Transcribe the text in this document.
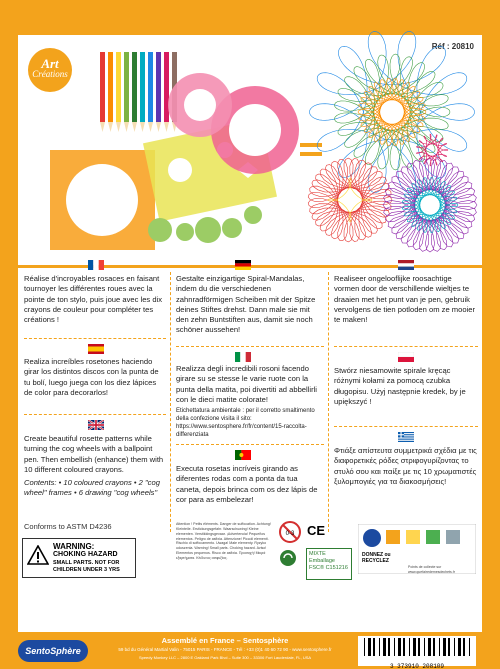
Art
Créations
Réf : 20810

Réalise d'incroyables rosaces en faisant tournoyer les différentes roues avec la pointe de ton stylo, puis joue avec les dix crayons de couleur pour compléter tes créations !

Realiza increíbles rosetones haciendo girar los distintos discos con la punta de tu bolí, luego juega con los diez lápices de color para decorarlos!

Create beautiful rosette patterns while turning the cog wheels with a ballpoint pen. Then embellish (enhance) them with 10 different coloured crayons.

Contents: • 10 coloured crayons • 2 "cog wheel" frames • 6 drawing "cog wheels"

Gestalte einzigartige Spiral-Mandalas, indem du die verschiedenen zahnradförmigen Scheiben mit der Spitze deines Stiftes drehst. Dann male sie mit den zehn Buntstiften aus, damit sie noch schöner aussehen!

Realizza degli incredibili rosoni facendo girare su se stesse le varie ruote con la punta della matita, poi divertiti ad abbellirli con le dieci matite colorate!

Etichettatura ambientale : per il corretto smaltimento della confezione visita il sito: https://www.sentosphere.fr/fr/content/15-raccolta-differenziata

Executa rosetas incríveis girando as diferentes rodas com a ponta da tua caneta, depois brinca com os dez lápis de cor para as embelezar!

Realiseer ongelooflijke roosachtige vormen door de verschillende wieltjes te draaien met het punt van je pen, gebruik vervolgens de tien potloden om ze mooier te maken!

Stwórz niesamowite spirale kręcąc różnymi kołami za pomocą czubka długopisu. Użyj następnie kredek, by je upiększyć !

Φτιάξε απίστευτα συμμετρικά σχέδια με τις διαφορετικές ρόδες στριφογυρίζοντας το στυλό σου και παίξε με τις 10 χρωματιστές ξυλομπογιές για τα διακοσμήσεις!

Conforms to ASTM D4236
WARNING:
CHOKING HAZARD
SMALL PARTS. NOT FOR CHILDREN UNDER 3 YRS
Attention ! Petits éléments. Danger de suffocation. Achtung! Kleinteile. Erstickungsgefahr. Waarschuwing! Kleine elementen. Verstikkingsgevaar. ¡Advertencia! Pequeños elementos. Peligro de asfixia. Attenzione! Piccoli elementi. Rischio di soffocamento. Uwaga! Małe elementy. Ryzyko uduszenia. Warning! Small parts. Choking hazard. Aviso! Elementos pequenos. Risco de asfixia. Προσοχή! Μικρά εξαρτήματα. Κίνδυνος ασφυξίας.
0-3 CE
MIXTE Emballage FSC® C151216
DONNEZ ou RECYCLEZ
Points de collecte sur www.quefairedemesdechets.fr
SentoSphère
Assemblé en France – Sentosphère
59 bd du Général Martial Valin - 75015 PARIS - FRANCE - Tél : +33 (0)1 40 60 72 90 - www.sentosphere.fr
Speedy Monkey LLC – 2800 E Oakland Park Blvd – Suite 300 – 33306 Fort Lauderdale, FL, USA
© Copyright : Sentosphère Création 2019
3 373910 208109
